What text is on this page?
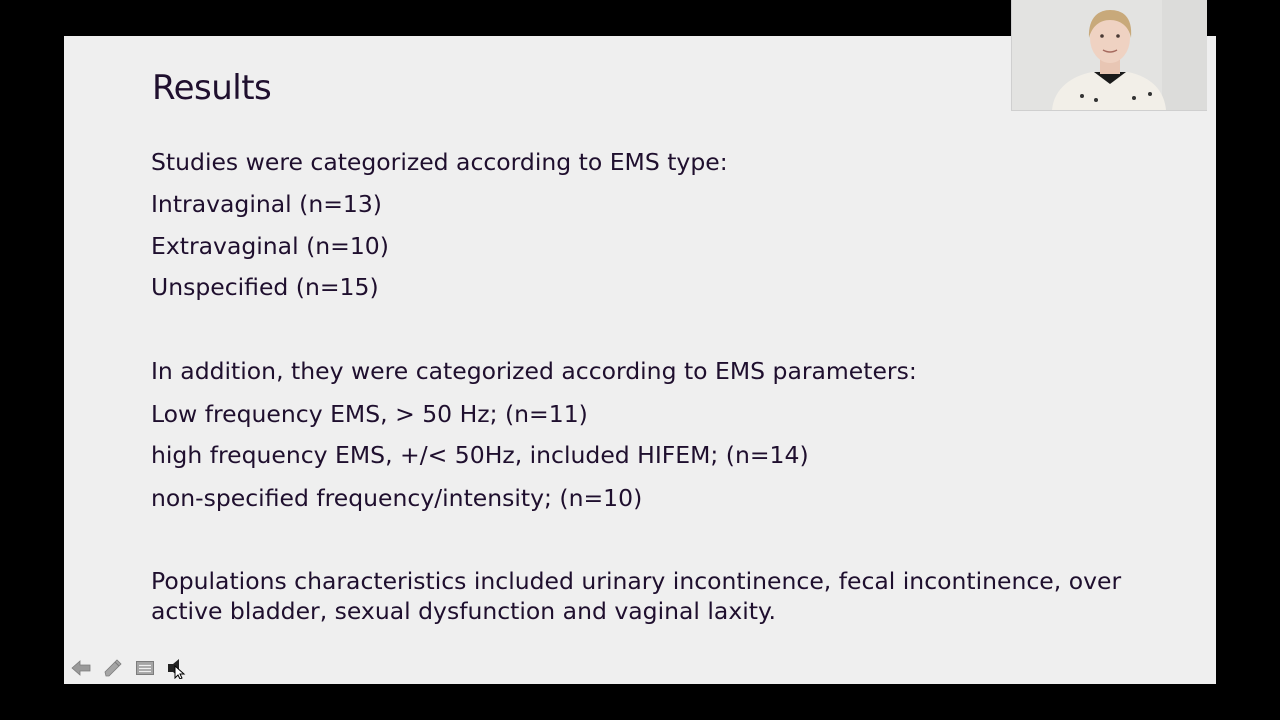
Results

Studies were categorized according to EMS type:

Intravaginal (n=13)

Extravaginal (n=10)

Unspecified (n=15)

In addition, they were categorized according to EMS parameters:

Low frequency EMS, > 50 Hz; (n=11)

high frequency EMS, +/< 50Hz, included HIFEM; (n=14)

non-specified frequency/intensity; (n=10)

Populations characteristics included urinary incontinence, fecal incontinence, over active bladder, sexual dysfunction and vaginal laxity.
